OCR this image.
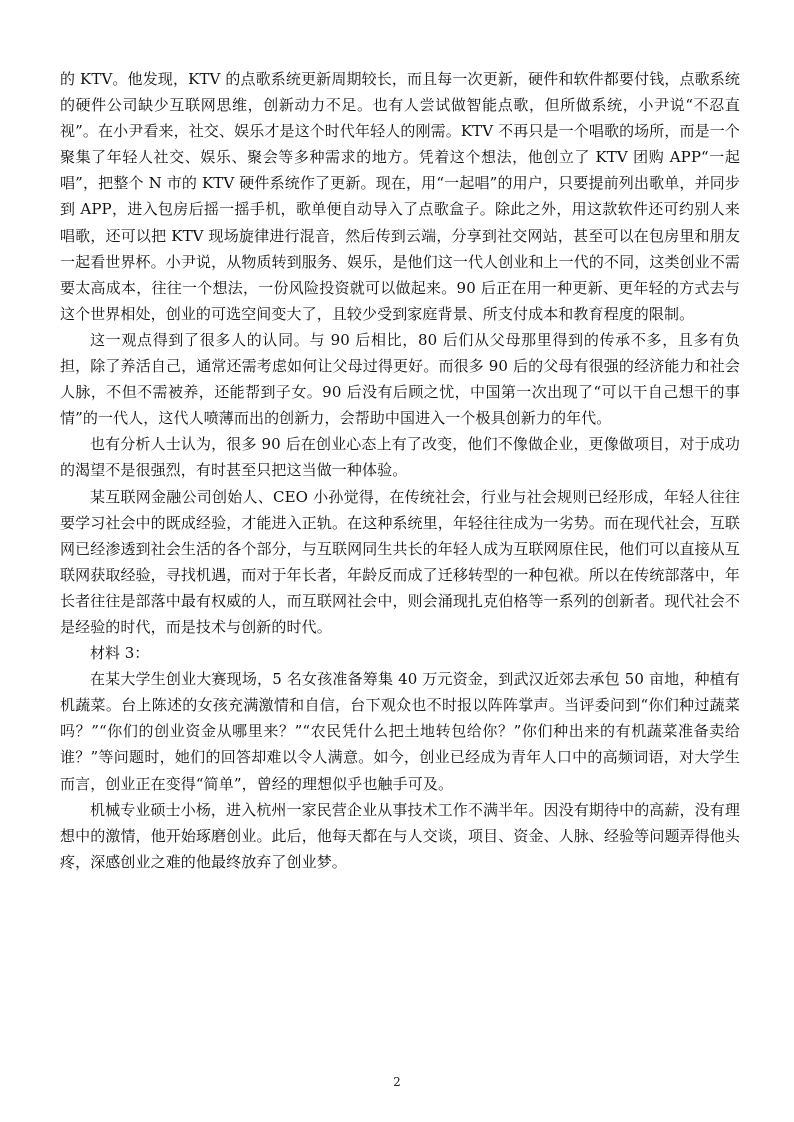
的 KTV。他发现，KTV 的点歌系统更新周期较长，而且每一次更新，硬件和软件都要付钱，点歌系统的硬件公司缺少互联网思维，创新动力不足。也有人尝试做智能点歌，但所做系统，小尹说“不忍直视”。在小尹看来，社交、娱乐才是这个时代年轻人的刚需。KTV 不再只是一个唱歌的场所，而是一个聚集了年轻人社交、娱乐、聚会等多种需求的地方。凭着这个想法，他创立了 KTV 团购 APP“一起唱”，把整个 N 市的 KTV 硬件系统作了更新。现在，用“一起唱”的用户，只要提前列出歌单，并同步到 APP，进入包房后摇一摇手机，歌单便自动导入了点歌盒子。除此之外，用这款软件还可约别人来唱歌，还可以把 KTV 现场旋律进行混音，然后传到云端，分享到社交网站，甚至可以在包房里和朋友一起看世界杯。小尹说，从物质转到服务、娱乐，是他们这一代人创业和上一代的不同，这类创业不需要太高成本，往往一个想法，一份风险投资就可以做起来。90 后正在用一种更新、更年轻的方式去与这个世界相处，创业的可选空间变大了，且较少受到家庭背景、所支付成本和教育程度的限制。

这一观点得到了很多人的认同。与 90 后相比，80 后们从父母那里得到的传承不多，且多有负担，除了养活自己，通常还需考虑如何让父母过得更好。而很多 90 后的父母有很强的经济能力和社会人脉，不但不需被养，还能帮到子女。90 后没有后顾之忧，中国第一次出现了“可以干自己想干的事情”的一代人，这代人喷薄而出的创新力，会帮助中国进入一个极具创新力的年代。

也有分析人士认为，很多 90 后在创业心态上有了改变，他们不像做企业，更像做项目，对于成功的渴望不是很强烈，有时甚至只把这当做一种体验。

某互联网金融公司创始人、CEO 小孙觉得，在传统社会，行业与社会规则已经形成，年轻人往往要学习社会中的既成经验，才能进入正轨。在这种系统里，年轻往往成为一劣势。而在现代社会，互联网已经渗透到社会生活的各个部分，与互联网同生共长的年轻人成为互联网原住民，他们可以直接从互联网获取经验，寻找机遇，而对于年长者，年龄反而成了迁移转型的一种包袱。所以在传统部落中，年长者往往是部落中最有权威的人，而互联网社会中，则会涌现扎克伯格等一系列的创新者。现代社会不是经验的时代，而是技术与创新的时代。

材料 3：

在某大学生创业大赛现场，5 名女孩准备筹集 40 万元资金，到武汉近郊去承包 50 亩地，种植有机蔬菜。台上陈述的女孩充满激情和自信，台下观众也不时报以阵阵掌声。当评委问到“你们种过蔬菜吗？”“你们的创业资金从哪里来？”“农民凭什么把土地转包给你？”你们种出来的有机蔬菜准备卖给谁？”等问题时，她们的回答却难以令人满意。如今，创业已经成为青年人口中的高频词语，对大学生而言，创业正在变得“简单”，曾经的理想似乎也触手可及。

机械专业硕士小杨，进入杭州一家民营企业从事技术工作不满半年。因没有期待中的高薪，没有理想中的激情，他开始琢磨创业。此后，他每天都在与人交谈，项目、资金、人脉、经验等问题弄得他头疼，深感创业之难的他最终放弃了创业梦。

2
